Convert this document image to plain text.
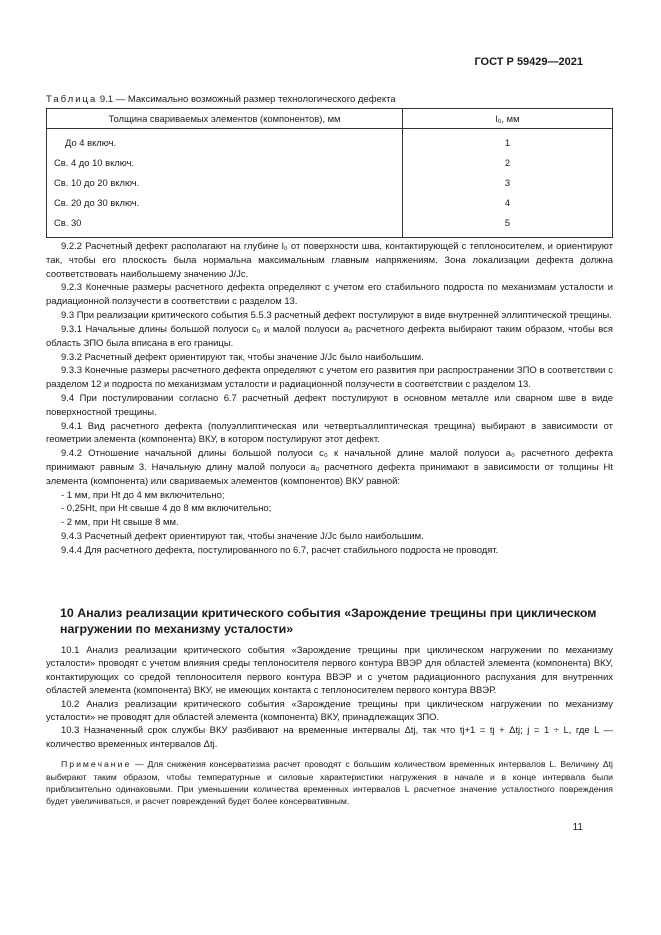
ГОСТ Р 59429—2021
Таблица 9.1 — Максимально возможный размер технологического дефекта
Толщина свариваемых элементов (компонентов), мм	l₀, мм
До 4 включ.	1
Св. 4 до 10 включ.	2
Св. 10 до 20 включ.	3
Св. 20 до 30 включ.	4
Св. 30	5

9.2.2 Расчетный дефект располагают на глубине l₀ от поверхности шва, контактирующей с теплоносителем, и ориентируют так, чтобы его плоскость была нормальна максимальным главным напряжениям. Зона локализации дефекта должна соответствовать наибольшему значению J/Jc.

9.2.3 Конечные размеры расчетного дефекта определяют с учетом его стабильного подроста по механизмам усталости и радиационной ползучести в соответствии с разделом 13.

9.3 При реализации критического события 5.5.3 расчетный дефект постулируют в виде внутренней эллиптической трещины.

9.3.1 Начальные длины большой полуоси c₀ и малой полуоси a₀ расчетного дефекта выбирают таким образом, чтобы вся область ЗПО была вписана в его границы.

9.3.2 Расчетный дефект ориентируют так, чтобы значение J/Jc было наибольшим.

9.3.3 Конечные размеры расчетного дефекта определяют с учетом его развития при распространении ЗПО в соответствии с разделом 12 и подроста по механизмам усталости и радиационной ползучести в соответствии с разделом 13.

9.4 При постулировании согласно 6.7 расчетный дефект постулируют в основном металле или сварном шве в виде поверхностной трещины.

9.4.1 Вид расчетного дефекта (полуэллиптическая или четвертьэллиптическая трещина) выбирают в зависимости от геометрии элемента (компонента) ВКУ, в котором постулируют этот дефект.

9.4.2 Отношение начальной длины большой полуоси c₀ к начальной длине малой полуоси a₀ расчетного дефекта принимают равным 3. Начальную длину малой полуоси a₀ расчетного дефекта принимают в зависимости от толщины Ht элемента (компонента) или свариваемых элементов (компонентов) ВКУ равной:

- 1 мм, при Ht до 4 мм включительно;

- 0,25Ht, при Ht свыше 4 до 8 мм включительно;

- 2 мм, при Ht свыше 8 мм.

9.4.3 Расчетный дефект ориентируют так, чтобы значение J/Jc было наибольшим.

9.4.4 Для расчетного дефекта, постулированного по 6.7, расчет стабильного подроста не проводят.

10 Анализ реализации критического события «Зарождение трещины при циклическом нагружении по механизму усталости»

10.1 Анализ реализации критического события «Зарождение трещины при циклическом нагружении по механизму усталости» проводят с учетом влияния среды теплоносителя первого контура ВВЭР для областей элемента (компонента) ВКУ, контактирующих со средой теплоносителя первого контура ВВЭР и с учетом радиационного распухания для внутренних областей элемента (компонента) ВКУ, не имеющих контакта с теплоносителем первого контура ВВЭР.

10.2 Анализ реализации критического события «Зарождение трещины при циклическом нагружении по механизму усталости» не проводят для областей элемента (компонента) ВКУ, принадлежащих ЗПО.

10.3 Назначенный срок службы ВКУ разбивают на временные интервалы Δtj, так что tj+1 = tj + Δtj; j = 1 ÷ L, где L — количество временных интервалов Δtj.

Примечание — Для снижения консерватизма расчет проводят с большим количеством временных интервалов L. Величину Δtj выбирают таким образом, чтобы температурные и силовые характеристики нагружения в начале и в конце интервала были приблизительно одинаковыми. При уменьшении количества временных интервалов L расчетное значение усталостного повреждения будет увеличиваться, и расчет повреждений будет более консервативным.

11
